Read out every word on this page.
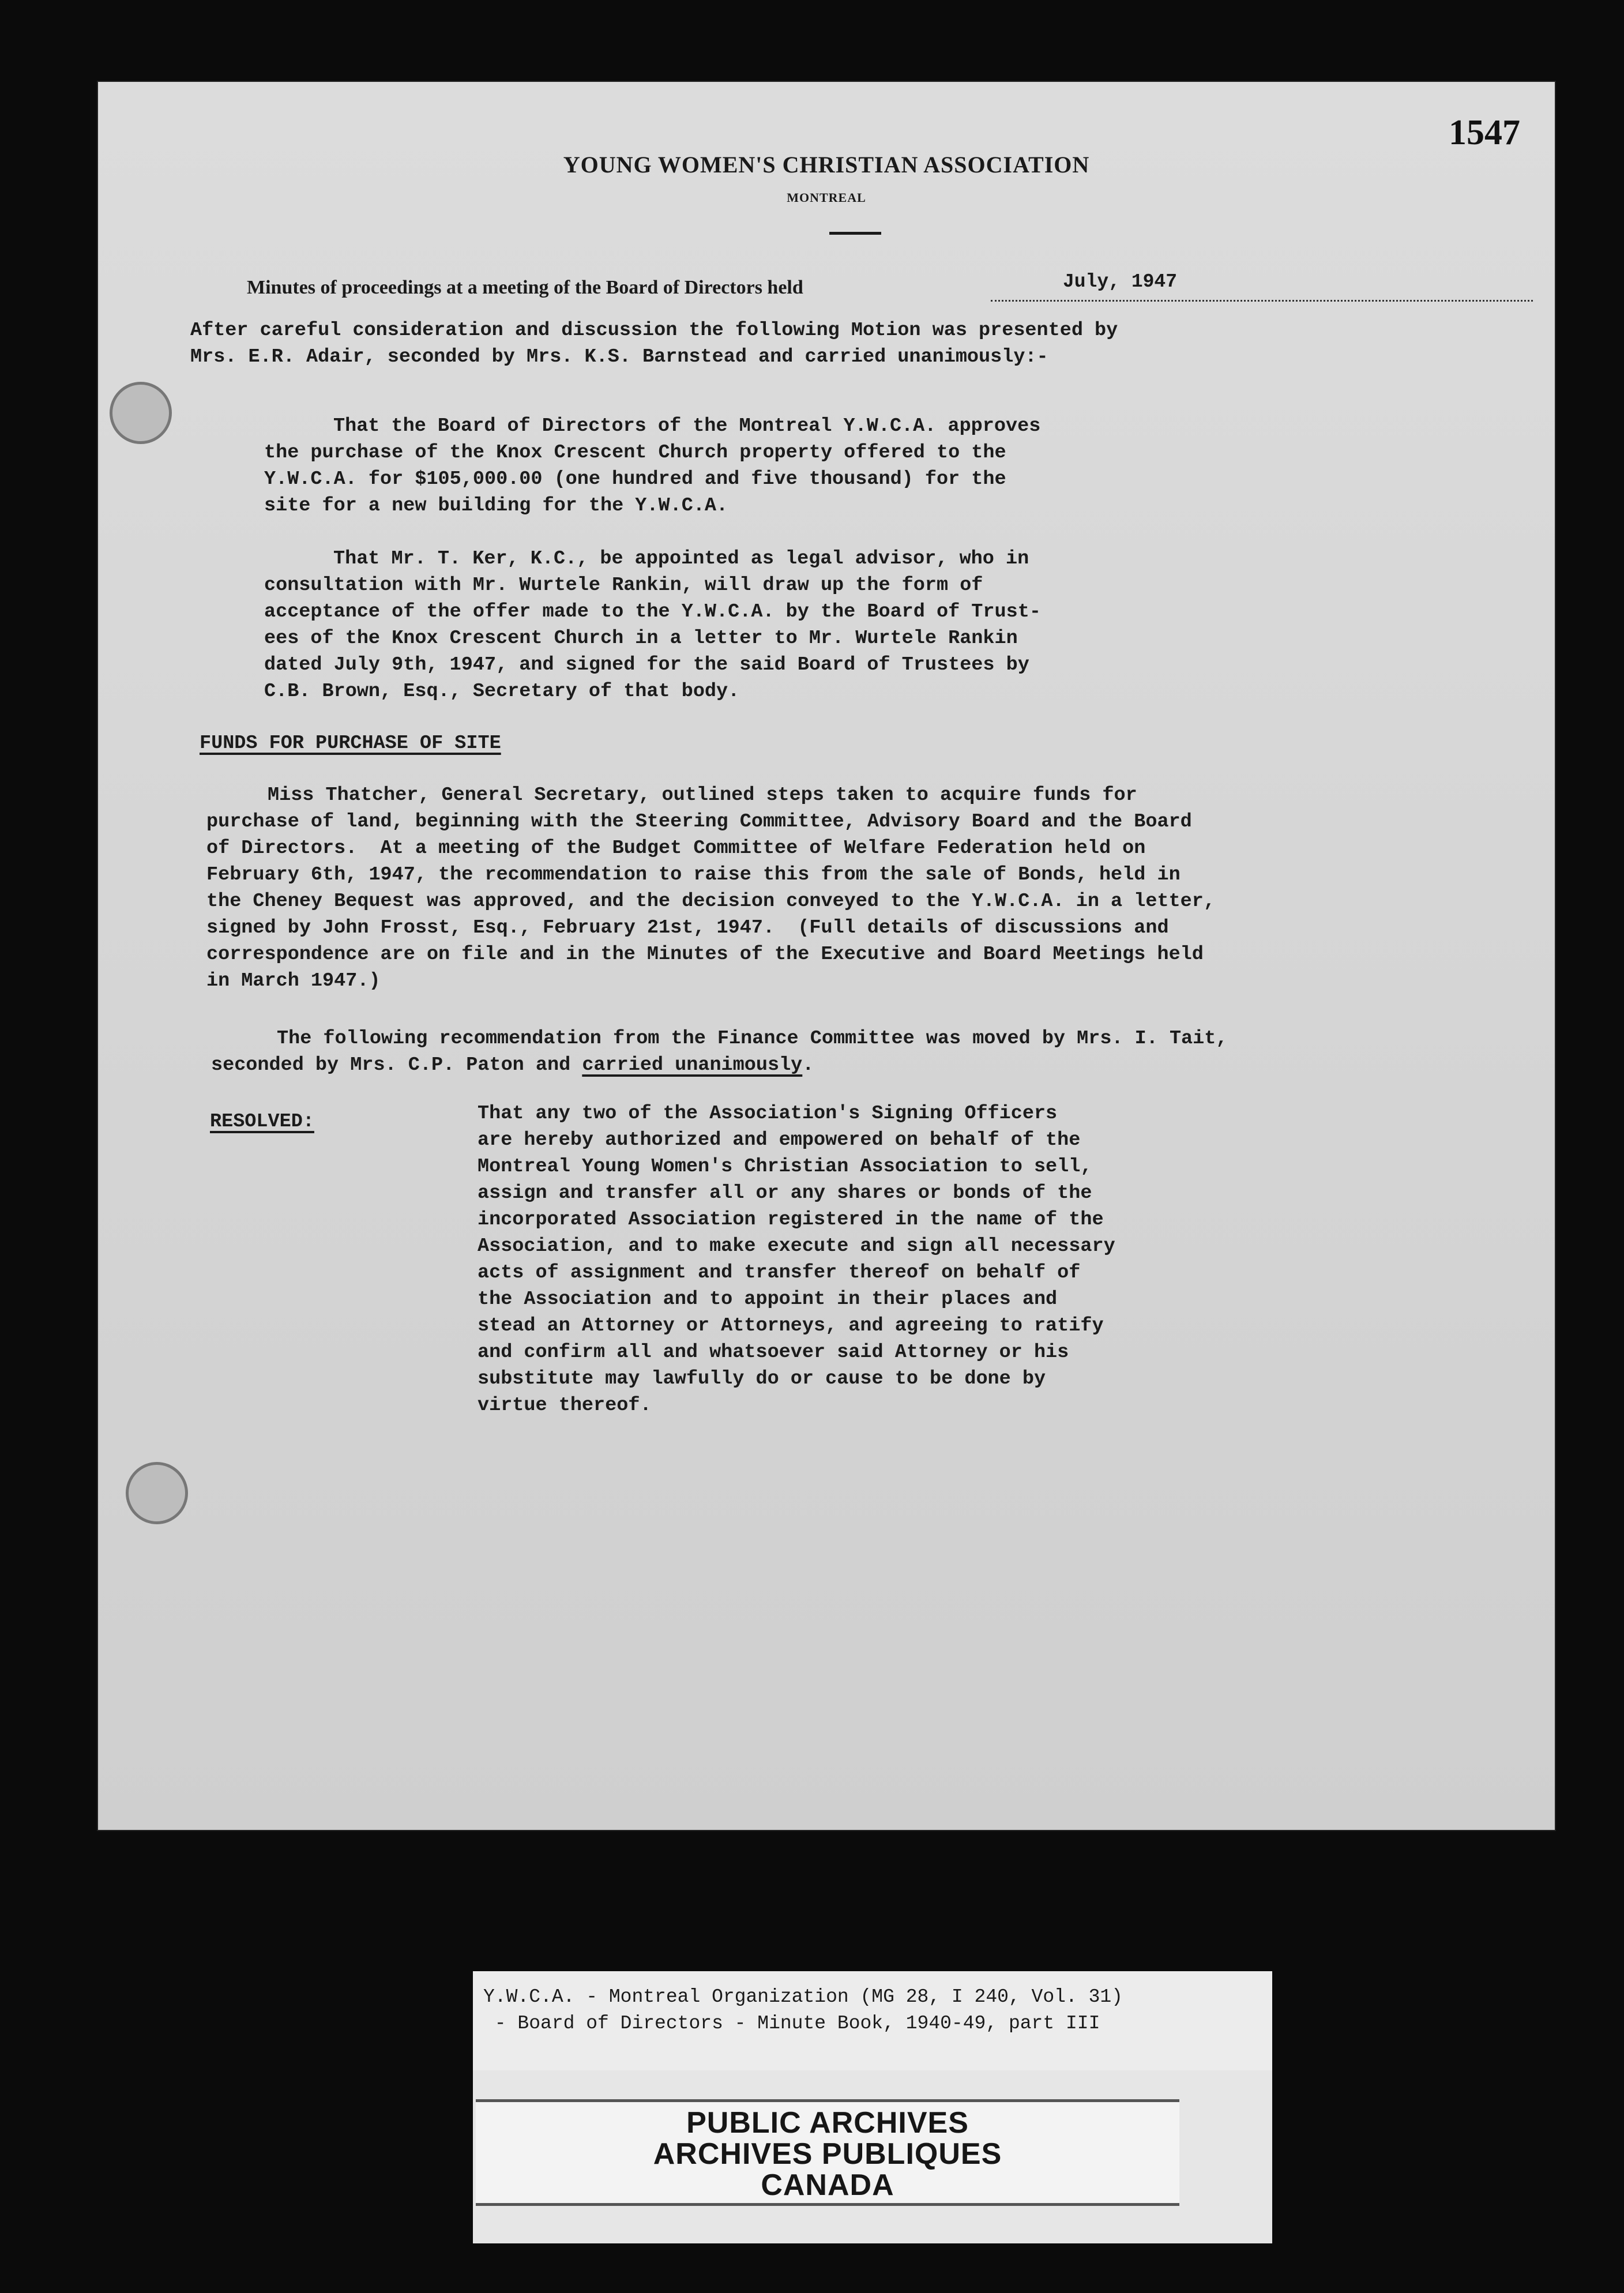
1547
YOUNG WOMEN'S CHRISTIAN ASSOCIATION
MONTREAL
Minutes of proceedings at a meeting of the Board of Directors held	July, 1947

After careful consideration and discussion the following Motion was presented by

Mrs. E.R. Adair, seconded by Mrs. K.S. Barnstead and carried unanimously:-

That the Board of Directors of the Montreal Y.W.C.A. approves

the purchase of the Knox Crescent Church property offered to the

Y.W.C.A. for $105,000.00 (one hundred and five thousand) for the

site for a new building for the Y.W.C.A.

That Mr. T. Ker, K.C., be appointed as legal advisor, who in

consultation with Mr. Wurtele Rankin, will draw up the form of

acceptance of the offer made to the Y.W.C.A. by the Board of Trust-

ees of the Knox Crescent Church in a letter to Mr. Wurtele Rankin

dated July 9th, 1947, and signed for the said Board of Trustees by

C.B. Brown, Esq., Secretary of that body.

FUNDS FOR PURCHASE OF SITE

Miss Thatcher, General Secretary, outlined steps taken to acquire funds for

purchase of land, beginning with the Steering Committee, Advisory Board and the Board

of Directors.  At a meeting of the Budget Committee of Welfare Federation held on

February 6th, 1947, the recommendation to raise this from the sale of Bonds, held in

the Cheney Bequest was approved, and the decision conveyed to the Y.W.C.A. in a letter,

signed by John Frosst, Esq., February 21st, 1947.  (Full details of discussions and

correspondence are on file and in the Minutes of the Executive and Board Meetings held

in March 1947.)

The following recommendation from the Finance Committee was moved by Mrs. I. Tait,

seconded by Mrs. C.P. Paton and carried unanimously.

RESOLVED:	That any two of the Association's Signing Officers

are hereby authorized and empowered on behalf of the

Montreal Young Women's Christian Association to sell,

assign and transfer all or any shares or bonds of the

incorporated Association registered in the name of the

Association, and to make execute and sign all necessary

acts of assignment and transfer thereof on behalf of

the Association and to appoint in their places and

stead an Attorney or Attorneys, and agreeing to ratify

and confirm all and whatsoever said Attorney or his

substitute may lawfully do or cause to be done by

virtue thereof.

Y.W.C.A. - Montreal Organization (MG 28, I 240, Vol. 31)
- Board of Directors - Minute Book, 1940-49, part III
PUBLIC ARCHIVES
ARCHIVES PUBLIQUES
CANADA
